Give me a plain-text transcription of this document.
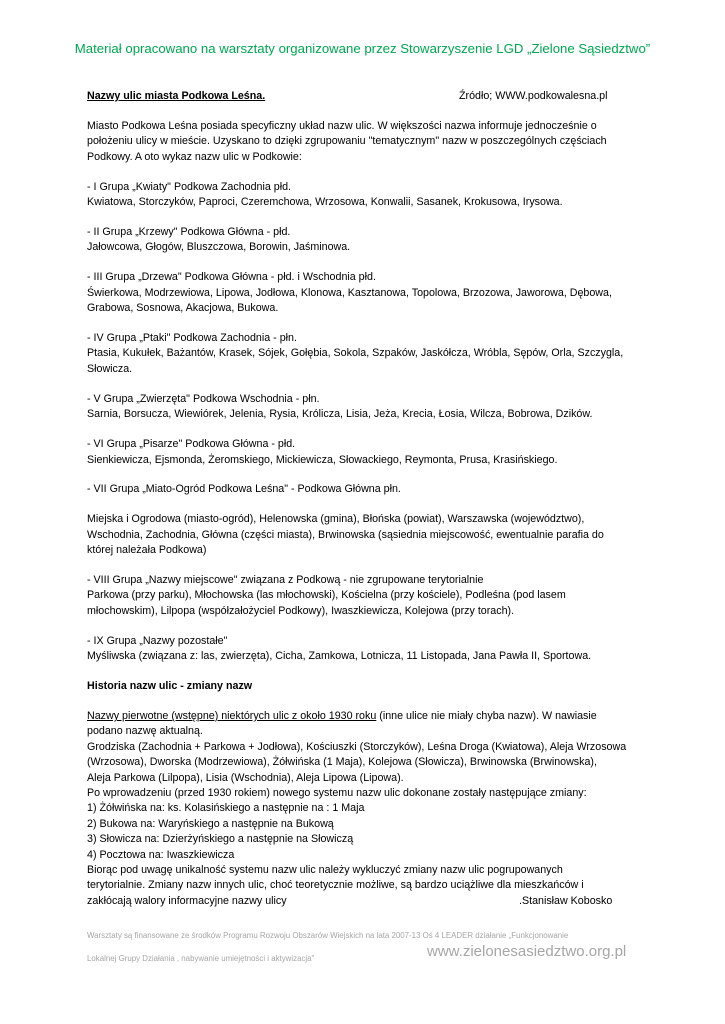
Materiał opracowano na warsztaty organizowane przez Stowarzyszenie LGD „Zielone Sąsiedztwo”
Nazwy ulic miasta Podkowa Leśna.	Źródło; WWW.podkowalesna.pl

Miasto Podkowa Leśna posiada specyficzny układ nazw ulic. W większości nazwa informuje jednocześnie o

położeniu ulicy w mieście. Uzyskano to dzięki zgrupowaniu "tematycznym" nazw w poszczególnych częściach

Podkowy. A oto wykaz nazw ulic w Podkowie:

- I Grupa „Kwiaty" Podkowa Zachodnia płd.

Kwiatowa, Storczyków, Paproci, Czeremchowa, Wrzosowa, Konwalii, Sasanek, Krokusowa, Irysowa.

- II Grupa „Krzewy" Podkowa Główna - płd.

Jałowcowa, Głogów, Bluszczowa, Borowin, Jaśminowa.

- III Grupa „Drzewa" Podkowa Główna - płd. i Wschodnia płd.

Świerkowa, Modrzewiowa, Lipowa, Jodłowa, Klonowa, Kasztanowa, Topolowa, Brzozowa, Jaworowa, Dębowa,

Grabowa, Sosnowa, Akacjowa, Bukowa.

- IV Grupa „Ptaki" Podkowa Zachodnia - płn.

Ptasia, Kukułek, Bażantów, Krasek, Sójek, Gołębia, Sokola, Szpaków, Jaskółcza, Wróbla, Sępów, Orla, Szczygla,

Słowicza.

- V Grupa „Zwierzęta" Podkowa Wschodnia - płn.

Sarnia, Borsucza, Wiewiórek, Jelenia, Rysia, Królicza, Lisia, Jeża, Krecia, Łosia, Wilcza, Bobrowa, Dzików.

- VI Grupa „Pisarze" Podkowa Główna - płd.

Sienkiewicza, Ejsmonda, Żeromskiego, Mickiewicza, Słowackiego, Reymonta, Prusa, Krasińskiego.

- VII Grupa „Miato-Ogród Podkowa Leśna" - Podkowa Główna płn.

Miejska i Ogrodowa (miasto-ogród), Helenowska (gmina), Błońska (powiat), Warszawska (województwo),

Wschodnia, Zachodnia, Główna (części miasta), Brwinowska (sąsiednia miejscowość, ewentualnie parafia do

której należała Podkowa)

- VIII Grupa „Nazwy miejscowe" związana z Podkową - nie zgrupowane terytorialnie

Parkowa (przy parku), Młochowska (las młochowski), Kościelna (przy kościele), Podleśna (pod lasem

młochowskim), Lilpopa (współzałożyciel Podkowy), Iwaszkiewicza, Kolejowa (przy torach).

- IX Grupa „Nazwy pozostałe"

Myśliwska (związana z: las, zwierzęta), Cicha, Zamkowa, Lotnicza, 11 Listopada, Jana Pawła II, Sportowa.

Historia nazw ulic - zmiany nazw

Nazwy pierwotne (wstępne) niektórych ulic z około 1930 roku (inne ulice nie miały chyba nazw). W nawiasie

podano nazwę aktualną.

Grodziska (Zachodnia + Parkowa + Jodłowa), Kościuszki (Storczyków), Leśna Droga (Kwiatowa), Aleja Wrzosowa

(Wrzosowa), Dworska (Modrzewiowa), Żółwińska (1 Maja), Kolejowa (Słowicza), Brwinowska (Brwinowska),

Aleja Parkowa (Lilpopa), Lisia (Wschodnia), Aleja Lipowa (Lipowa).

Po wprowadzeniu (przed 1930 rokiem) nowego systemu nazw ulic dokonane zostały następujące zmiany:

1) Żółwińska na: ks. Kolasińskiego a następnie na : 1 Maja

2) Bukowa na: Waryńskiego a następnie na Bukową

3) Słowicza na: Dzierżyńskiego a następnie na Słowiczą

4) Pocztowa na: Iwaszkiewicza

Biorąc pod uwagę unikalność systemu nazw ulic należy wykluczyć zmiany nazw ulic pogrupowanych

terytorialnie. Zmiany nazw innych ulic, choć teoretycznie możliwe, są bardzo uciążliwe dla mieszkańców i

zakłócają walory informacyjne nazwy ulicy	.Stanisław Kobosko

Warsztaty są finansowane ze środków Programu Rozwoju Obszarów Wiejskich na lata 2007-13 Oś 4 LEADER działanie „Funkcjonowanie
Lokalnej Grupy Działania , nabywanie umiejętności i aktywizacja"	www.zielonesasiedztwo.org.pl
